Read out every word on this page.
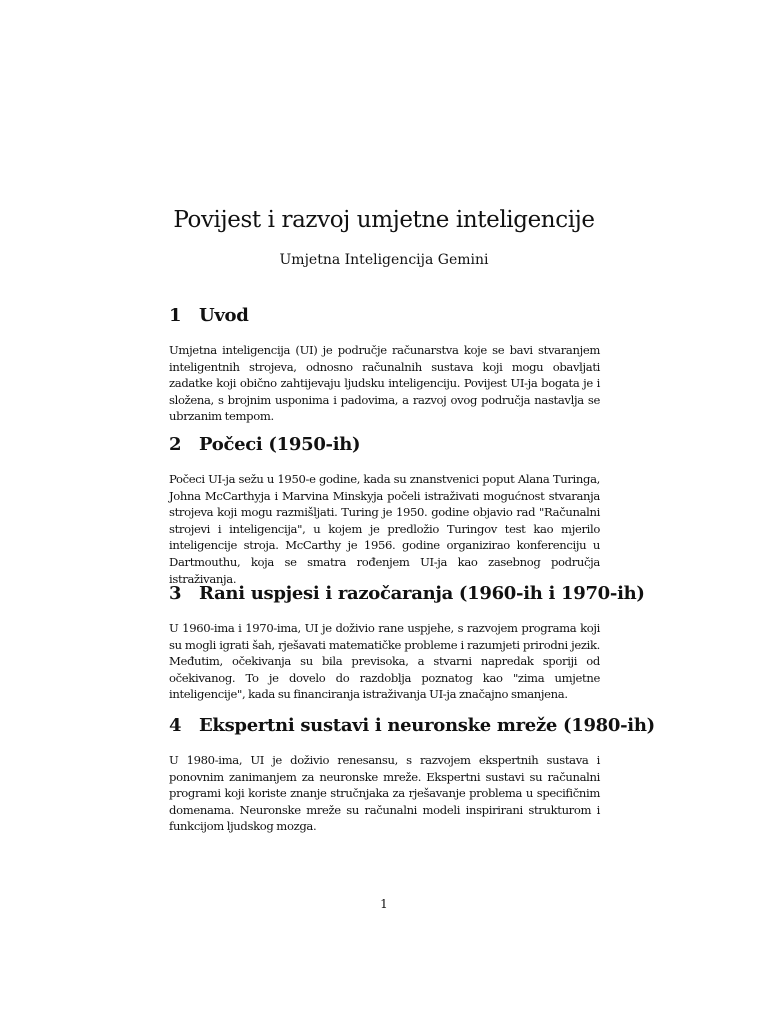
Povijest i razvoj umjetne inteligencije
Umjetna Inteligencija Gemini
1 Uvod

Umjetna inteligencija (UI) je područje računarstva koje se bavi stvaranjem inteligentnih strojeva, odnosno računalnih sustava koji mogu obavljati zadatke koji obično zahtijevaju ljudsku inteligenciju. Povijest UI-ja bogata je i složena, s brojnim usponima i padovima, a razvoj ovog područja nastavlja se ubrzanim tempom.

2 Počeci (1950-ih)

Počeci UI-ja sežu u 1950-e godine, kada su znanstvenici poput Alana Turinga, Johna McCarthyja i Marvina Minskyja počeli istraživati mogućnost stvaranja strojeva koji mogu razmišljati. Turing je 1950. godine objavio rad "Računalni strojevi i inteligencija", u kojem je predložio Turingov test kao mjerilo inteligencije stroja. McCarthy je 1956. godine organizirao konferenciju u Dartmouthu, koja se smatra rođenjem UI-ja kao zasebnog područja istraživanja.

3 Rani uspjesi i razočaranja (1960-ih i 1970-ih)

U 1960-ima i 1970-ima, UI je doživio rane uspjehe, s razvojem programa koji su mogli igrati šah, rješavati matematičke probleme i razumjeti prirodni jezik. Međutim, očekivanja su bila previsoka, a stvarni napredak sporiji od očekivanog. To je dovelo do razdoblja poznatog kao "zima umjetne inteligencije", kada su financiranja istraživanja UI-ja značajno smanjena.

4 Ekspertni sustavi i neuronske mreže (1980-ih)

U 1980-ima, UI je doživio renesansu, s razvojem ekspertnih sustava i ponovnim zanimanjem za neuronske mreže. Ekspertni sustavi su računalni programi koji koriste znanje stručnjaka za rješavanje problema u specifičnim domenama. Neuronske mreže su računalni modeli inspirirani strukturom i funkcijom ljudskog mozga.

1
